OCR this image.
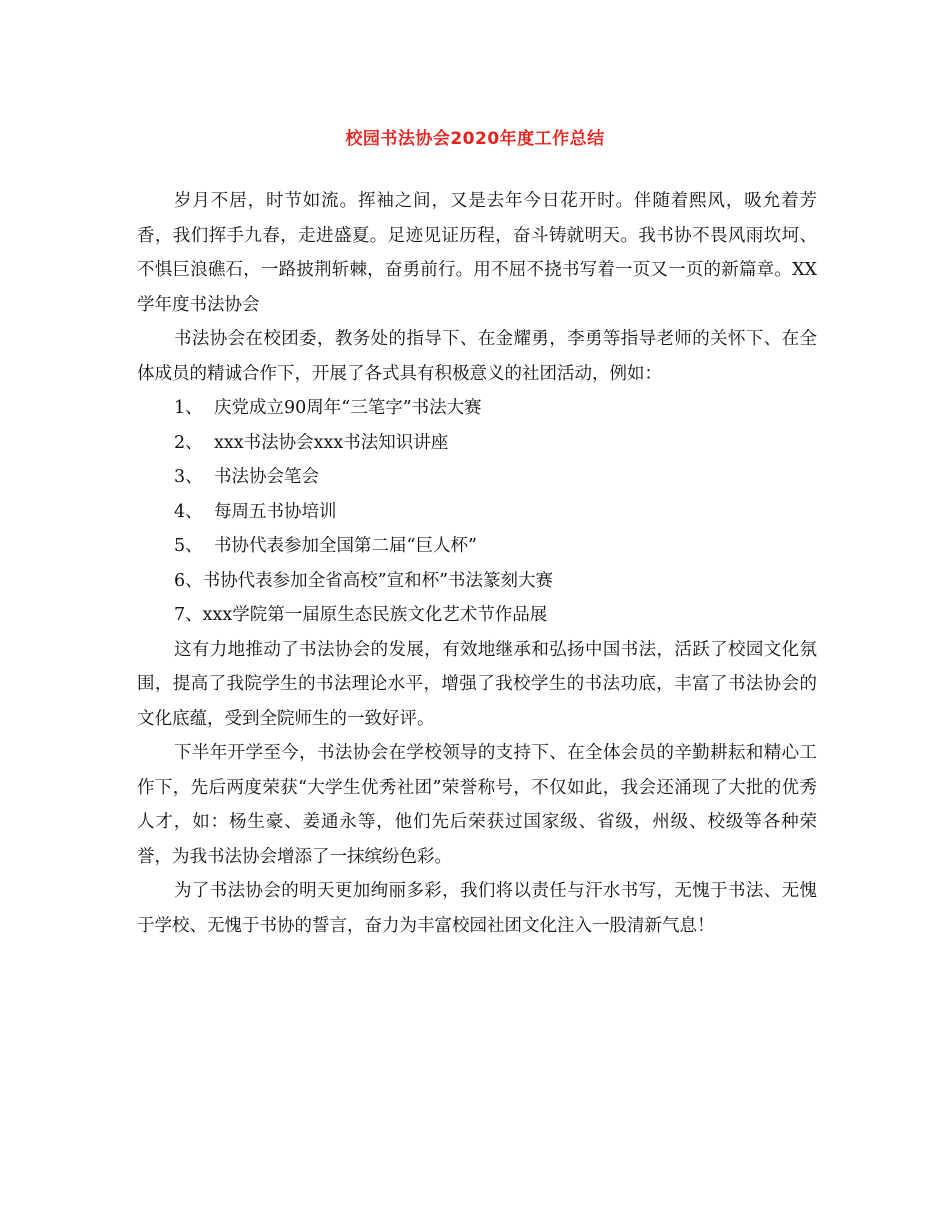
校园书法协会2020年度工作总结

岁月不居，时节如流。挥袖之间，又是去年今日花开时。伴随着熙风，吸允着芳香，我们挥手九春，走进盛夏。足迹见证历程，奋斗铸就明天。我书协不畏风雨坎坷、不惧巨浪礁石，一路披荆斩棘，奋勇前行。用不屈不挠书写着一页又一页的新篇章。XX学年度书法协会

书法协会在校团委，教务处的指导下、在金耀勇，李勇等指导老师的关怀下、在全体成员的精诚合作下，开展了各式具有积极意义的社团活动，例如：

1、 庆党成立90周年“三笔字”书法大赛

2、 xxx书法协会xxx书法知识讲座

3、 书法协会笔会

4、 每周五书协培训

5、 书协代表参加全国第二届“巨人杯”

6、书协代表参加全省高校”宣和杯”书法篆刻大赛

7、xxx学院第一届原生态民族文化艺术节作品展

这有力地推动了书法协会的发展，有效地继承和弘扬中国书法，活跃了校园文化氛围，提高了我院学生的书法理论水平，增强了我校学生的书法功底，丰富了书法协会的文化底蕴，受到全院师生的一致好评。

下半年开学至今，书法协会在学校领导的支持下、在全体会员的辛勤耕耘和精心工作下，先后两度荣获“大学生优秀社团”荣誉称号，不仅如此，我会还涌现了大批的优秀人才，如：杨生豪、姜通永等，他们先后荣获过国家级、省级，州级、校级等各种荣誉，为我书法协会增添了一抹缤纷色彩。

为了书法协会的明天更加绚丽多彩，我们将以责任与汗水书写，无愧于书法、无愧于学校、无愧于书协的誓言，奋力为丰富校园社团文化注入一股清新气息！
